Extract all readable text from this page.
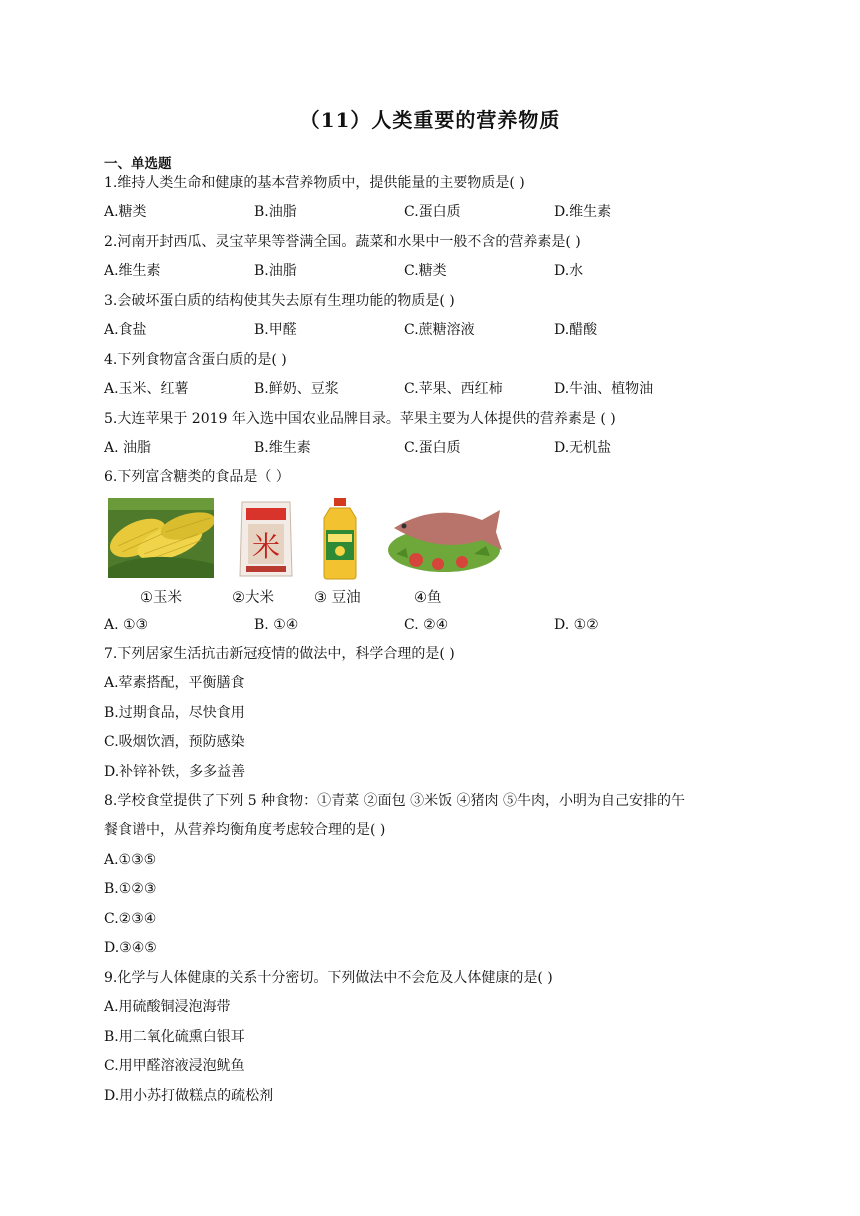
（11）人类重要的营养物质
一、单选题
1.维持人类生命和健康的基本营养物质中，提供能量的主要物质是( )
A.糖类	B.油脂	C.蛋白质	D.维生素
2.河南开封西瓜、灵宝苹果等誉满全国。蔬菜和水果中一般不含的营养素是( )
A.维生素	B.油脂	C.糖类	D.水
3.会破坏蛋白质的结构使其失去原有生理功能的物质是( )
A.食盐	B.甲醛	C.蔗糖溶液	D.醋酸
4.下列食物富含蛋白质的是( )
A.玉米、红薯	B.鲜奶、豆浆	C.苹果、西红柿	D.牛油、植物油
5.大连苹果于 2019 年入选中国农业品牌目录。苹果主要为人体提供的营养素是 ( )
A. 油脂	B.维生素	C.蛋白质	D.无机盐
6.下列富含糖类的食品是（ ）
①玉米
米
②大米	③ 豆油	④鱼
A. ①③	B. ①④	C. ②④	D. ①②
7.下列居家生活抗击新冠疫情的做法中，科学合理的是( )
A.荤素搭配，平衡膳食
B.过期食品，尽快食用
C.吸烟饮酒，预防感染
D.补锌补铁，多多益善
8.学校食堂提供了下列 5 种食物：①青菜 ②面包 ③米饭 ④猪肉 ⑤牛肉，小明为自己安排的午
餐食谱中，从营养均衡角度考虑较合理的是( )
A.①③⑤
B.①②③
C.②③④
D.③④⑤
9.化学与人体健康的关系十分密切。下列做法中不会危及人体健康的是( )
A.用硫酸铜浸泡海带
B.用二氧化硫熏白银耳
C.用甲醛溶液浸泡鱿鱼
D.用小苏打做糕点的疏松剂
